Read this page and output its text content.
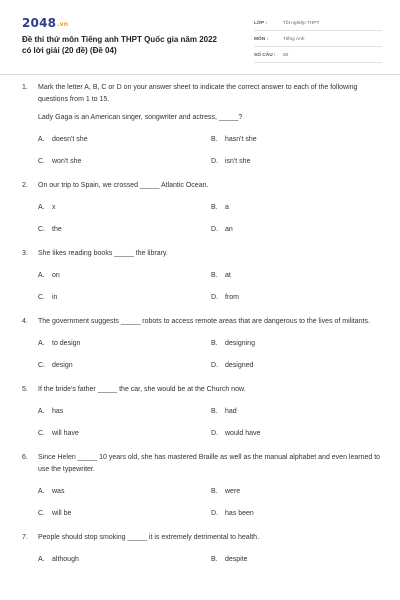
2048.vn
Đề thi thử môn Tiếng anh THPT Quốc gia năm 2022 có lời giải (20 đề) (Đề 04)
LỚP :	Tốt nghiệp THPT
MÔN :	Tiếng Anh
SỐ CÂU :	50
1.	Mark the letter A, B, C or D on your answer sheet to indicate the correct answer to each of the following questions from 1 to 15.
Lady Gaga is an American singer, songwriter and actress, _____?
A.	doesn't she	B.	hasn't she
C.	won't she	D.	isn't she
2.	On our trip to Spain, we crossed _____ Atlantic Ocean.
A.	x	B.	a
C.	the	D.	an
3.	She likes reading books _____ the library.
A.	on	B.	at
C.	in	D.	from
4.	The government suggests _____ robots to access remote areas that are dangerous to the lives of militants.
A.	to design	B.	designing
C.	design	D.	designed
5.	If the bride's father _____ the car, she would be at the Church now.
A.	has	B.	had
C.	will have	D.	would have
6.	Since Helen _____ 10 years old, she has mastered Braille as well as the manual alphabet and even learned to use the typewriter.
A.	was	B.	were
C.	will be	D.	has been
7.	People should stop smoking _____ it is extremely detrimental to health.
A.	although	B.	despite
